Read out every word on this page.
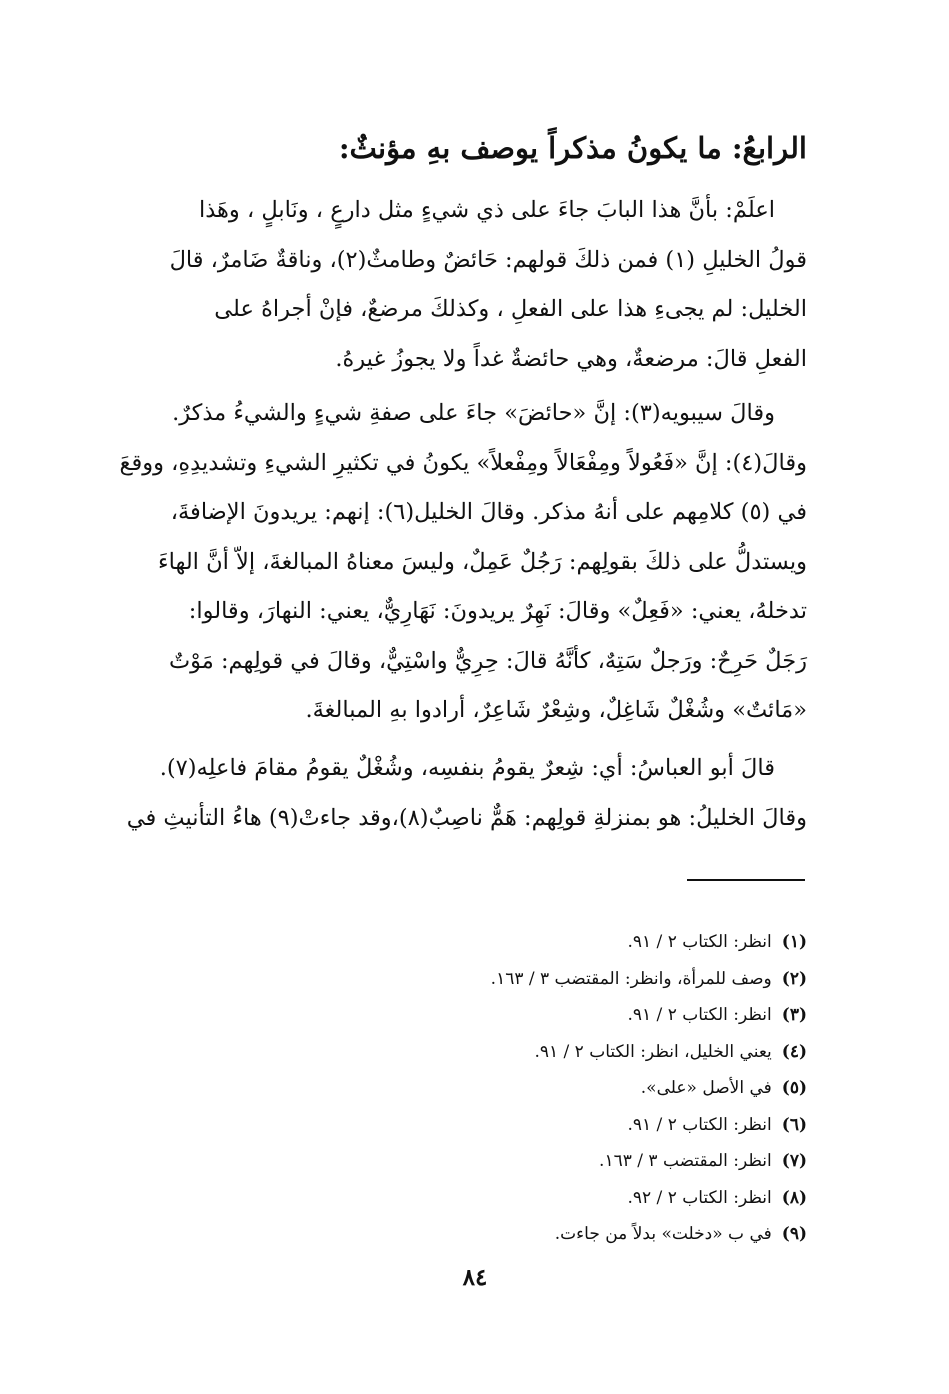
الرابعُ: ما يكونُ مذكراً يوصف بهِ مؤنثٌ:
اعلَمْ: بأنَّ هذا البابَ جاءَ على ذي شيءٍ مثل دارعٍ ، ونَابلٍ ، وهَذا
قولُ الخليلِ (١) فمن ذلكَ قولهم: حَائضٌ وطامثٌ(٢)، وناقةٌ ضَامرٌ، قالَ
الخليل: لم يجىءِ هذا على الفعلِ ، وكذلكَ مرضعٌ، فإنْ أجراهُ على
الفعلِ قالَ: مرضعةٌ، وهي حائضةٌ غداً ولا يجوزُ غيرهُ.
وقالَ سيبويه(٣): إنَّ «حائضَ» جاءَ على صفةِ شيءٍ والشيءُ مذكرٌ.
وقالَ(٤): إنَّ «فَعُولاً ومِفْعَالاً ومِفْعلاً» يكونُ في تكثيرِ الشيءِ وتشديدِهِ، ووقعَ
في (٥) كلامِهم على أنهُ مذكر. وقالَ الخليل(٦): إنهم: يريدونَ الإضافةَ،
ويستدلُّ على ذلكَ بقولِهم: رَجُلٌ عَمِلٌ، وليسَ معناهُ المبالغةَ، إلاّ أنَّ الهاءَ
تدخلهُ، يعني: «فَعِلٌ» وقالَ: نَهِرٌ يريدونَ: نَهَارِيٌّ، يعني: النهارَ، وقالوا:
رَجَلٌ حَرِحٌ: ورَجلٌ سَتِهٌ، كأنَّهُ قالَ: حِرِيٌّ واسْتِيٌّ، وقالَ في قولِهم: مَوْتٌ
«مَائتٌ» وشُغْلٌ شَاغِلٌ، وشِعْرٌ شَاعِرٌ، أرادوا بهِ المبالغةَ.
قالَ أبو العباسُ: أي: شِعرٌ يقومُ بنفسِه، وشُغْلٌ يقومُ مقامَ فاعلِه(٧).
وقالَ الخليلُ: هو بمنزلةِ قولِهم: هَمٌّ ناصِبٌ(٨)،وقد جاءتْ(٩) هاءُ التأنيثِ في
(١)انظر: الكتاب ٢ / ٩١.
(٢)وصف للمرأة، وانظر: المقتضب ٣ / ١٦٣.
(٣)انظر: الكتاب ٢ / ٩١.
(٤)يعني الخليل، انظر: الكتاب ٢ / ٩١.
(٥)في الأصل «على».
(٦)انظر: الكتاب ٢ / ٩١.
(٧)انظر: المقتضب ٣ / ١٦٣.
(٨)انظر: الكتاب ٢ / ٩٢.
(٩)في ب «دخلت» بدلاً من جاءت.
٨٤
